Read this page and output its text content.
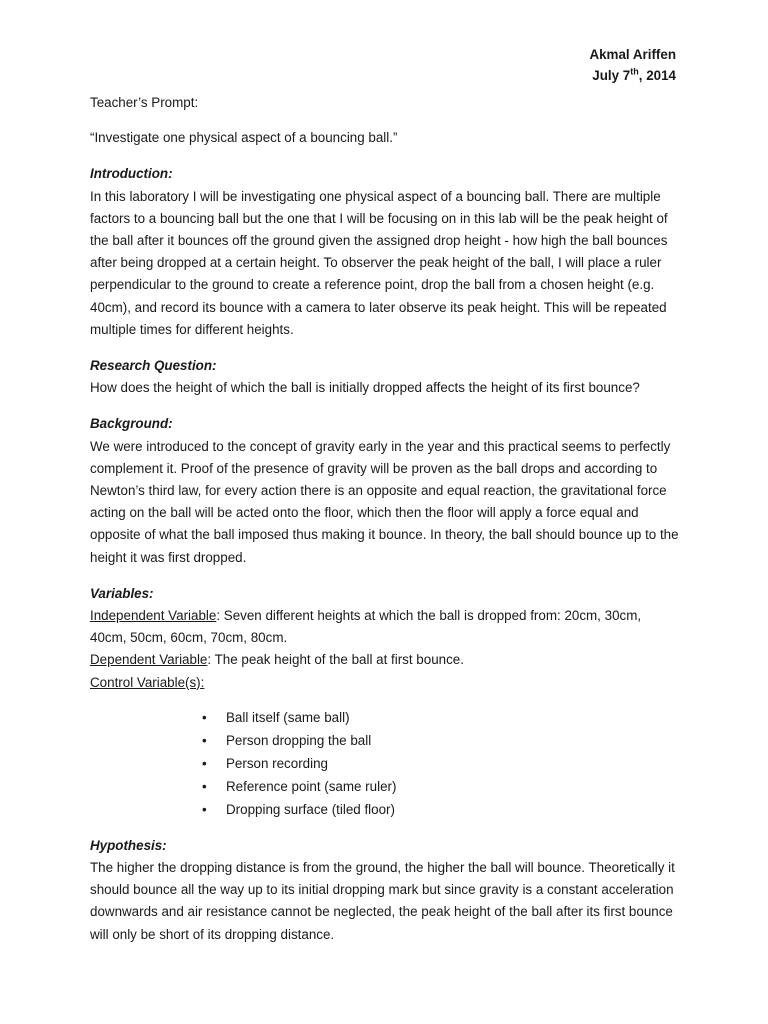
Akmal Ariffen
July 7th, 2014

Teacher’s Prompt:

“Investigate one physical aspect of a bouncing ball.”

Introduction:

In this laboratory I will be investigating one physical aspect of a bouncing ball. There are multiple factors to a bouncing ball but the one that I will be focusing on in this lab will be the peak height of the ball after it bounces off the ground given the assigned drop height - how high the ball bounces after being dropped at a certain height. To observer the peak height of the ball, I will place a ruler perpendicular to the ground to create a reference point, drop the ball from a chosen height (e.g. 40cm), and record its bounce with a camera to later observe its peak height. This will be repeated multiple times for different heights.

Research Question:

How does the height of which the ball is initially dropped affects the height of its first bounce?

Background:

We were introduced to the concept of gravity early in the year and this practical seems to perfectly complement it. Proof of the presence of gravity will be proven as the ball drops and according to Newton’s third law, for every action there is an opposite and equal reaction, the gravitational force acting on the ball will be acted onto the floor, which then the floor will apply a force equal and opposite of what the ball imposed thus making it bounce. In theory, the ball should bounce up to the height it was first dropped.

Variables:

Independent Variable: Seven different heights at which the ball is dropped from: 20cm, 30cm, 40cm, 50cm, 60cm, 70cm, 80cm.

Dependent Variable: The peak height of the ball at first bounce.

Control Variable(s):

• Ball itself (same ball)
• Person dropping the ball
• Person recording
• Reference point (same ruler)
• Dropping surface (tiled floor)

Hypothesis:

The higher the dropping distance is from the ground, the higher the ball will bounce. Theoretically it should bounce all the way up to its initial dropping mark but since gravity is a constant acceleration downwards and air resistance cannot be neglected, the peak height of the ball after its first bounce will only be short of its dropping distance.
